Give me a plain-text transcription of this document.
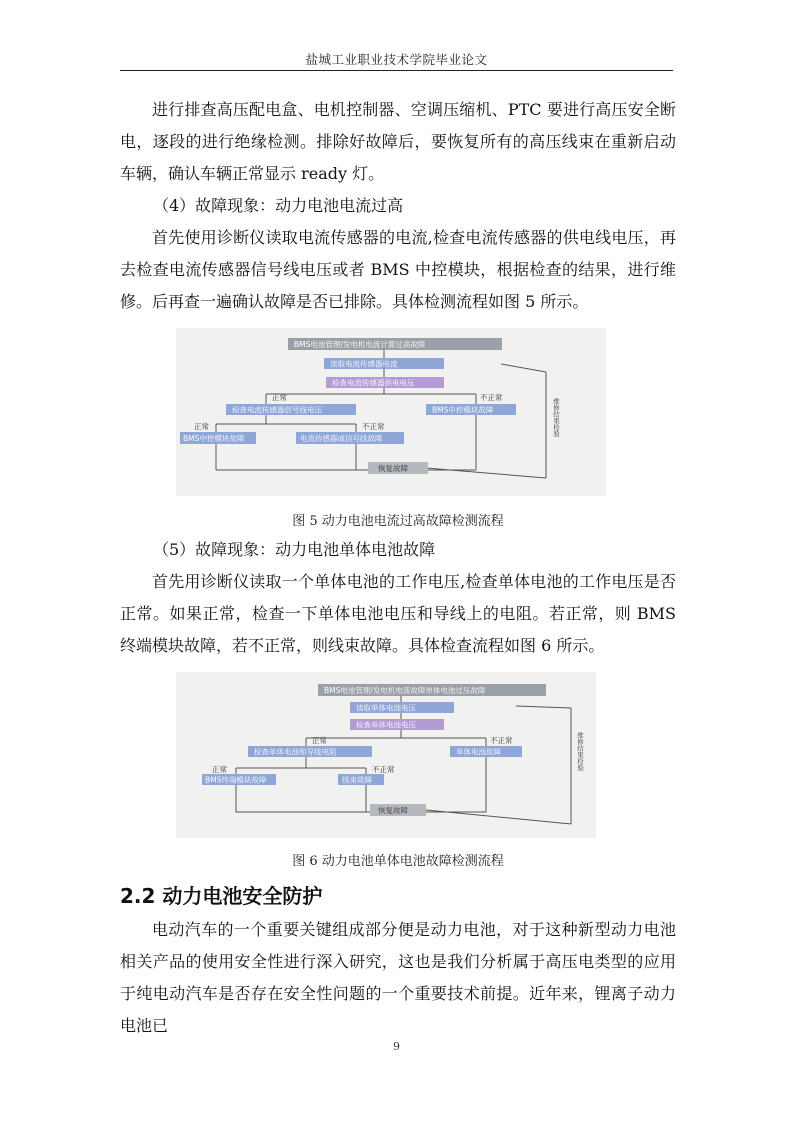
盐城工业职业技术学院毕业论文

进行排查高压配电盒、电机控制器、空调压缩机、PTC 要进行高压安全断电，逐段的进行绝缘检测。排除好故障后，要恢复所有的高压线束在重新启动车辆，确认车辆正常显示 ready 灯。

（4）故障现象：动力电池电流过高

首先使用诊断仪读取电流传感器的电流,检查电流传感器的供电线电压，再去检查电流传感器信号线电压或者 BMS 中控模块，根据检查的结果，进行维修。后再查一遍确认故障是否已排除。具体检测流程如图 5 所示。

BMS电池管理/发电机电流计算过高故障
读取电流传感器电流
检查电流传感器供电电压
检查电流传感器信号线电压	BMS中控模块故障
BMS中控模块故障	电流传感器或信号线故障
恢复故障
正常	不正常
正常	不正常	维修结果检验
图 5 动力电池电流过高故障检测流程

（5）故障现象：动力电池单体电池故障

首先用诊断仪读取一个单体电池的工作电压,检查单体电池的工作电压是否正常。如果正常，检查一下单体电池电压和导线上的电阻。若正常，则 BMS 终端模块故障，若不正常，则线束故障。具体检查流程如图 6 所示。

BMS电池管理/发电机电流故障单体电池过压故障
读取单体电池电压
检查单体电池电压
检查单体电池和导线电阻	单体电池故障
BMS终端模块故障	线束故障
恢复故障
正常	不正常
正常	不正常	维修结果检验
图 6 动力电池单体电池故障检测流程
2.2 动力电池安全防护

电动汽车的一个重要关键组成部分便是动力电池，对于这种新型动力电池相关产品的使用安全性进行深入研究，这也是我们分析属于高压电类型的应用于纯电动汽车是否存在安全性问题的一个重要技术前提。近年来，锂离子动力电池已

9
